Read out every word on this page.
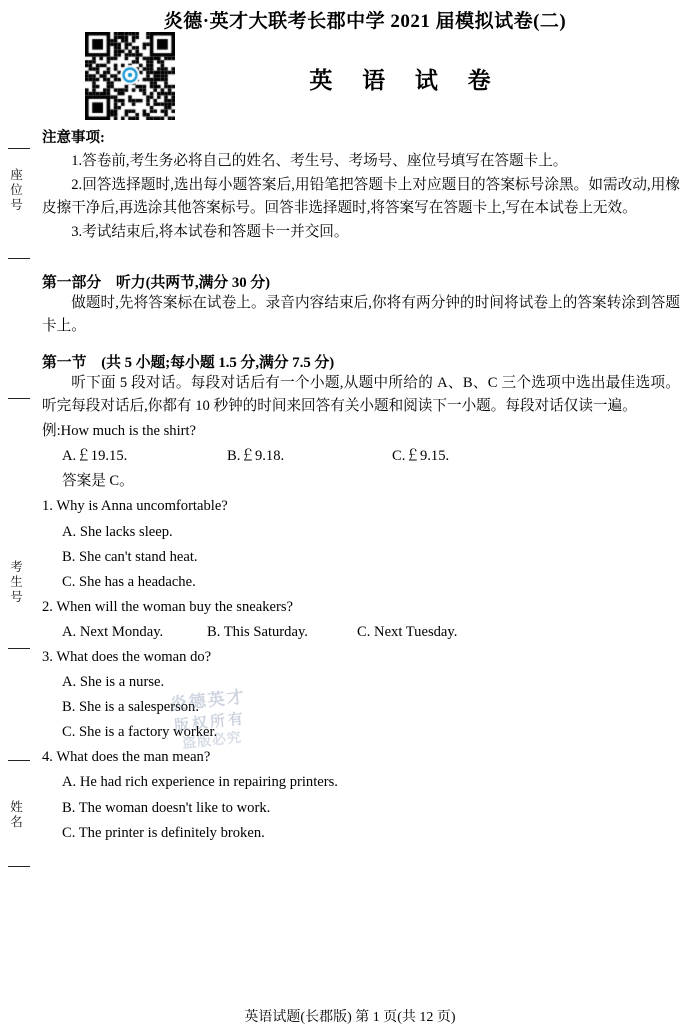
座位号
考生号
姓名
炎德·英才大联考长郡中学 2021 届模拟试卷(二)
英 语 试 卷
注意事项:

1.答卷前,考生务必将自己的姓名、考生号、考场号、座位号填写在答题卡上。

2.回答选择题时,选出每小题答案后,用铅笔把答题卡上对应题目的答案标号涂黑。如需改动,用橡皮擦干净后,再选涂其他答案标号。回答非选择题时,将答案写在答题卡上,写在本试卷上无效。

3.考试结束后,将本试卷和答题卡一并交回。

第一部分　听力(共两节,满分 30 分)

做题时,先将答案标在试卷上。录音内容结束后,你将有两分钟的时间将试卷上的答案转涂到答题卡上。

第一节　(共 5 小题;每小题 1.5 分,满分 7.5 分)

听下面 5 段对话。每段对话后有一个小题,从题中所给的 A、B、C 三个选项中选出最佳选项。听完每段对话后,你都有 10 秒钟的时间来回答有关小题和阅读下一小题。每段对话仅读一遍。

例:How much is the shirt?
A.￡19.15.	B.￡9.18.	C.￡9.15.
答案是 C。
1. Why is Anna uncomfortable?
A. She lacks sleep.
B. She can't stand heat.
C. She has a headache.
2. When will the woman buy the sneakers?
A. Next Monday.	B. This Saturday.	C. Next Tuesday.
3. What does the woman do?
A. She is a nurse.
B. She is a salesperson.
C. She is a factory worker.
4. What does the man mean?
A. He had rich experience in repairing printers.
B. The woman doesn't like to work.
C. The printer is definitely broken.
炎德英才
版权所有
盗版必究
英语试题(长郡版) 第 1 页(共 12 页)
